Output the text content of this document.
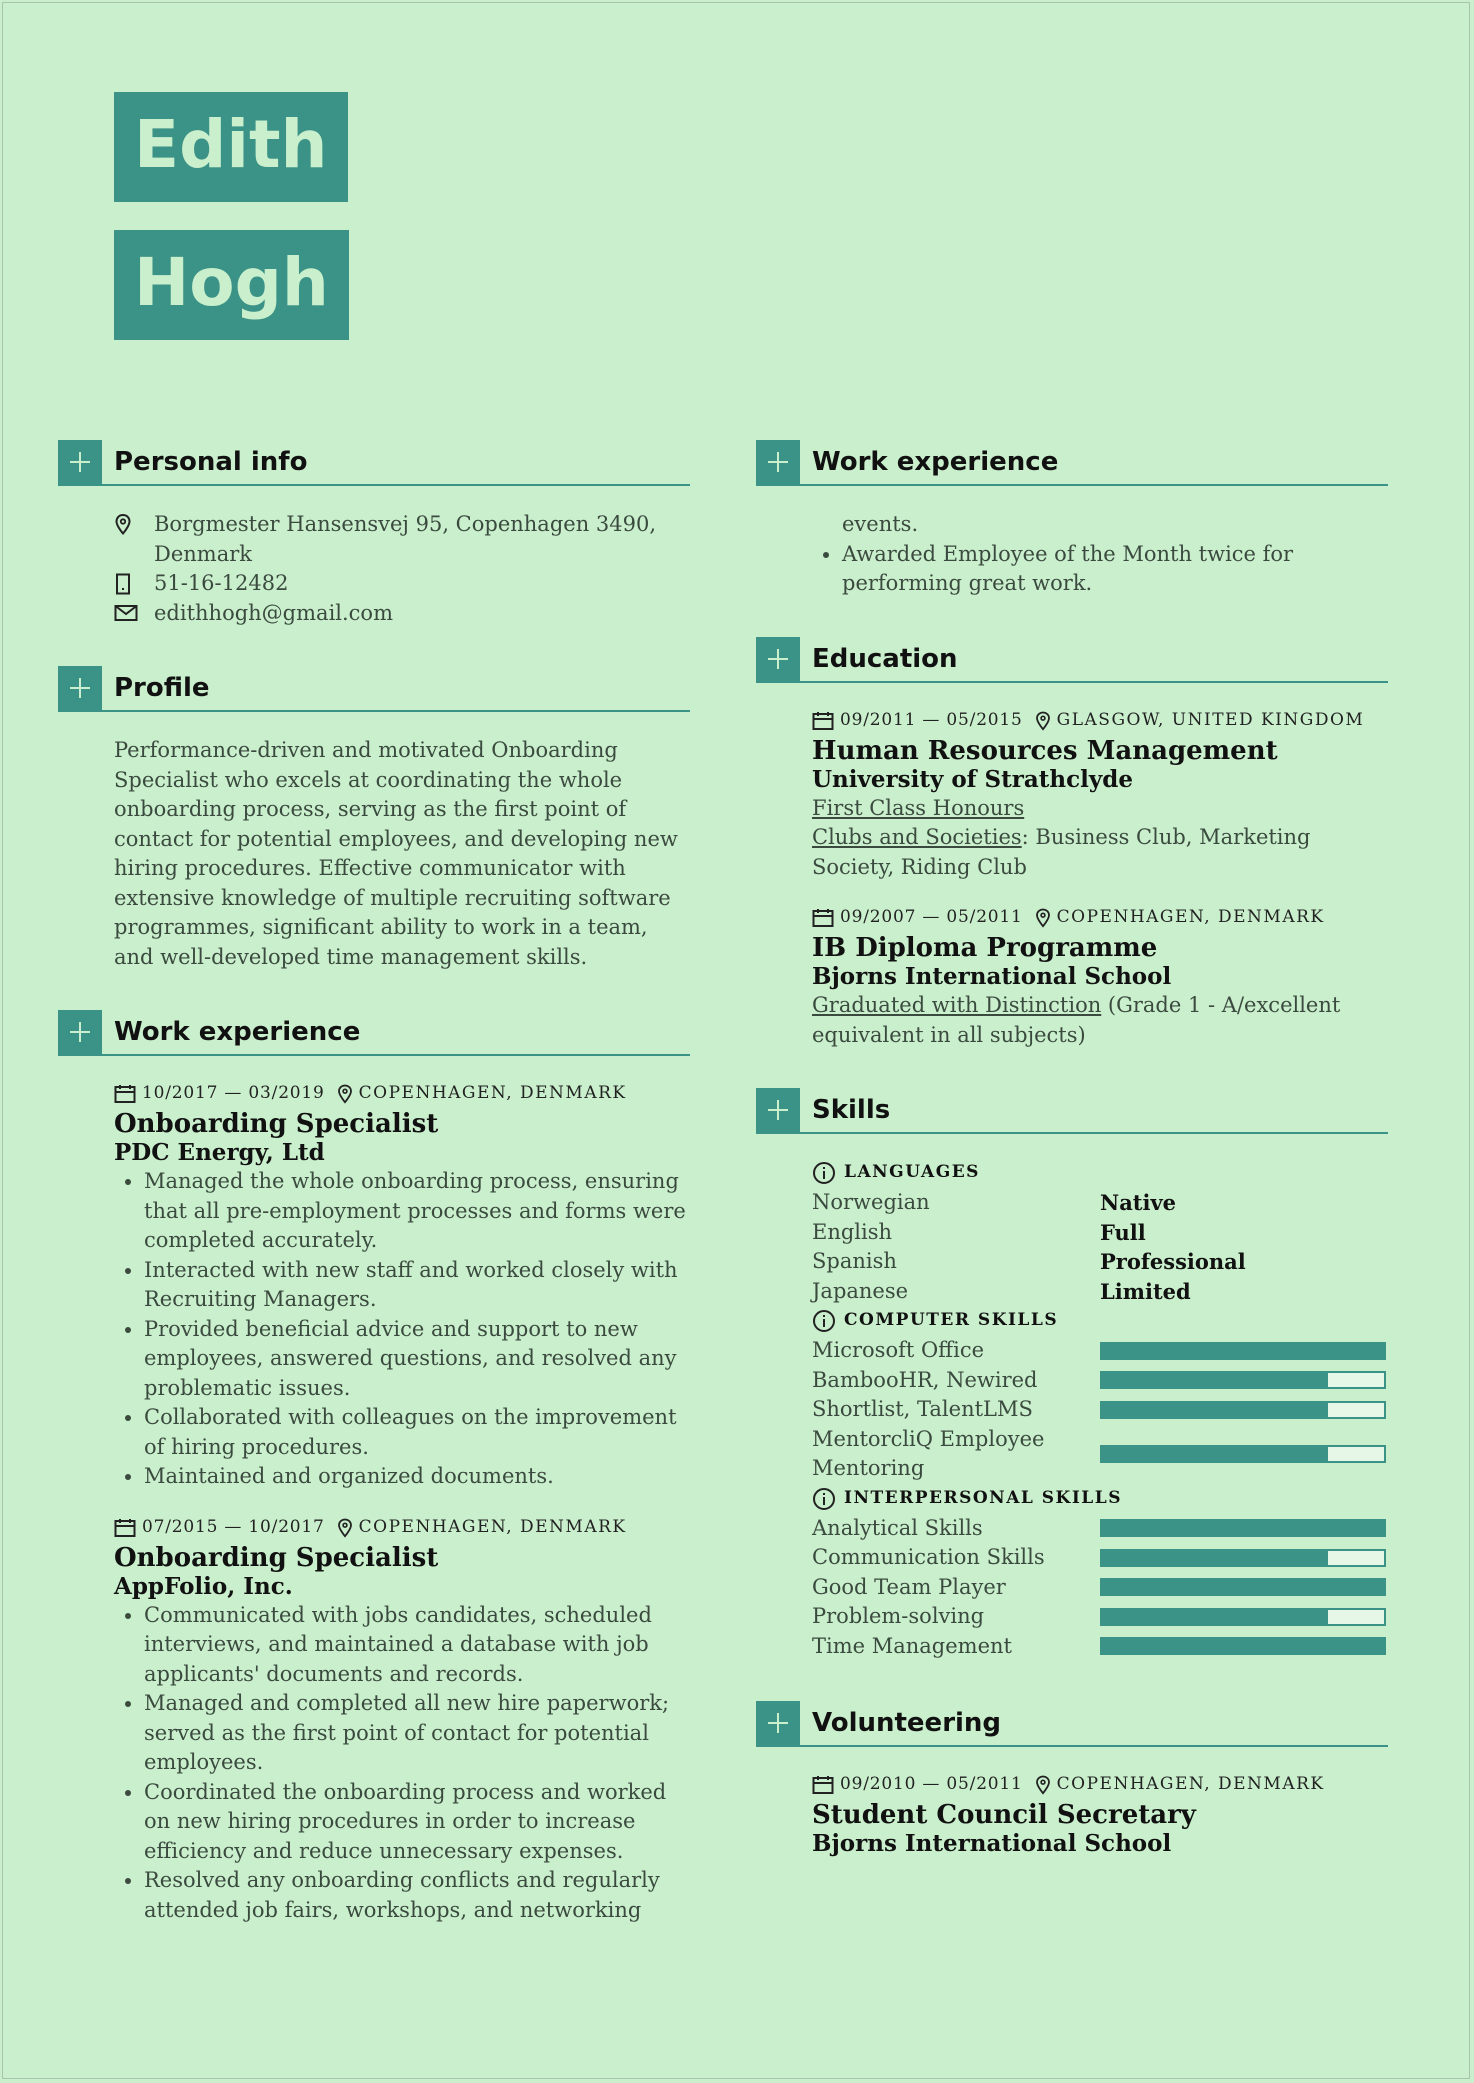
Edith
Hogh
Personal info
Borgmester Hansensvej 95, Copenhagen 3490,
Denmark
51-16-12482
edithhogh@gmail.com
Profile
Performance-driven and motivated Onboarding Specialist who excels at coordinating the whole onboarding process, serving as the first point of contact for potential employees, and developing new hiring procedures. Effective communicator with extensive knowledge of multiple recruiting software programmes, significant ability to work in a team, and well-developed time management skills.
Work experience
10/2017 — 03/2019 COPENHAGEN, DENMARK
Onboarding Specialist
PDC Energy, Ltd
• Managed the whole onboarding process, ensuring that all pre-employment processes and forms were completed accurately.
• Interacted with new staff and worked closely with Recruiting Managers.
• Provided beneficial advice and support to new employees, answered questions, and resolved any problematic issues.
• Collaborated with colleagues on the improvement of hiring procedures.
• Maintained and organized documents.
07/2015 — 10/2017 COPENHAGEN, DENMARK
Onboarding Specialist
AppFolio, Inc.
• Communicated with jobs candidates, scheduled interviews, and maintained a database with job applicants' documents and records.
• Managed and completed all new hire paperwork; served as the first point of contact for potential employees.
• Coordinated the onboarding process and worked on new hiring procedures in order to increase efficiency and reduce unnecessary expenses.
• Resolved any onboarding conflicts and regularly attended job fairs, workshops, and networking
Work experience
events.
• Awarded Employee of the Month twice for performing great work.
Education
09/2011 — 05/2015 GLASGOW, UNITED KINGDOM
Human Resources Management
University of Strathclyde
First Class Honours
Clubs and Societies: Business Club, Marketing Society, Riding Club
09/2007 — 05/2011 COPENHAGEN, DENMARK
IB Diploma Programme
Bjorns International School
Graduated with Distinction (Grade 1 - A/excellent equivalent in all subjects)
Skills
LANGUAGES
Norwegian	Native
English	Full
Spanish	Professional
Japanese	Limited
COMPUTER SKILLS
Microsoft Office
BambooHR, Newired
Shortlist, TalentLMS
MentorcliQ Employee Mentoring
INTERPERSONAL SKILLS
Analytical Skills
Communication Skills
Good Team Player
Problem-solving
Time Management
Volunteering
09/2010 — 05/2011 COPENHAGEN, DENMARK
Student Council Secretary
Bjorns International School
